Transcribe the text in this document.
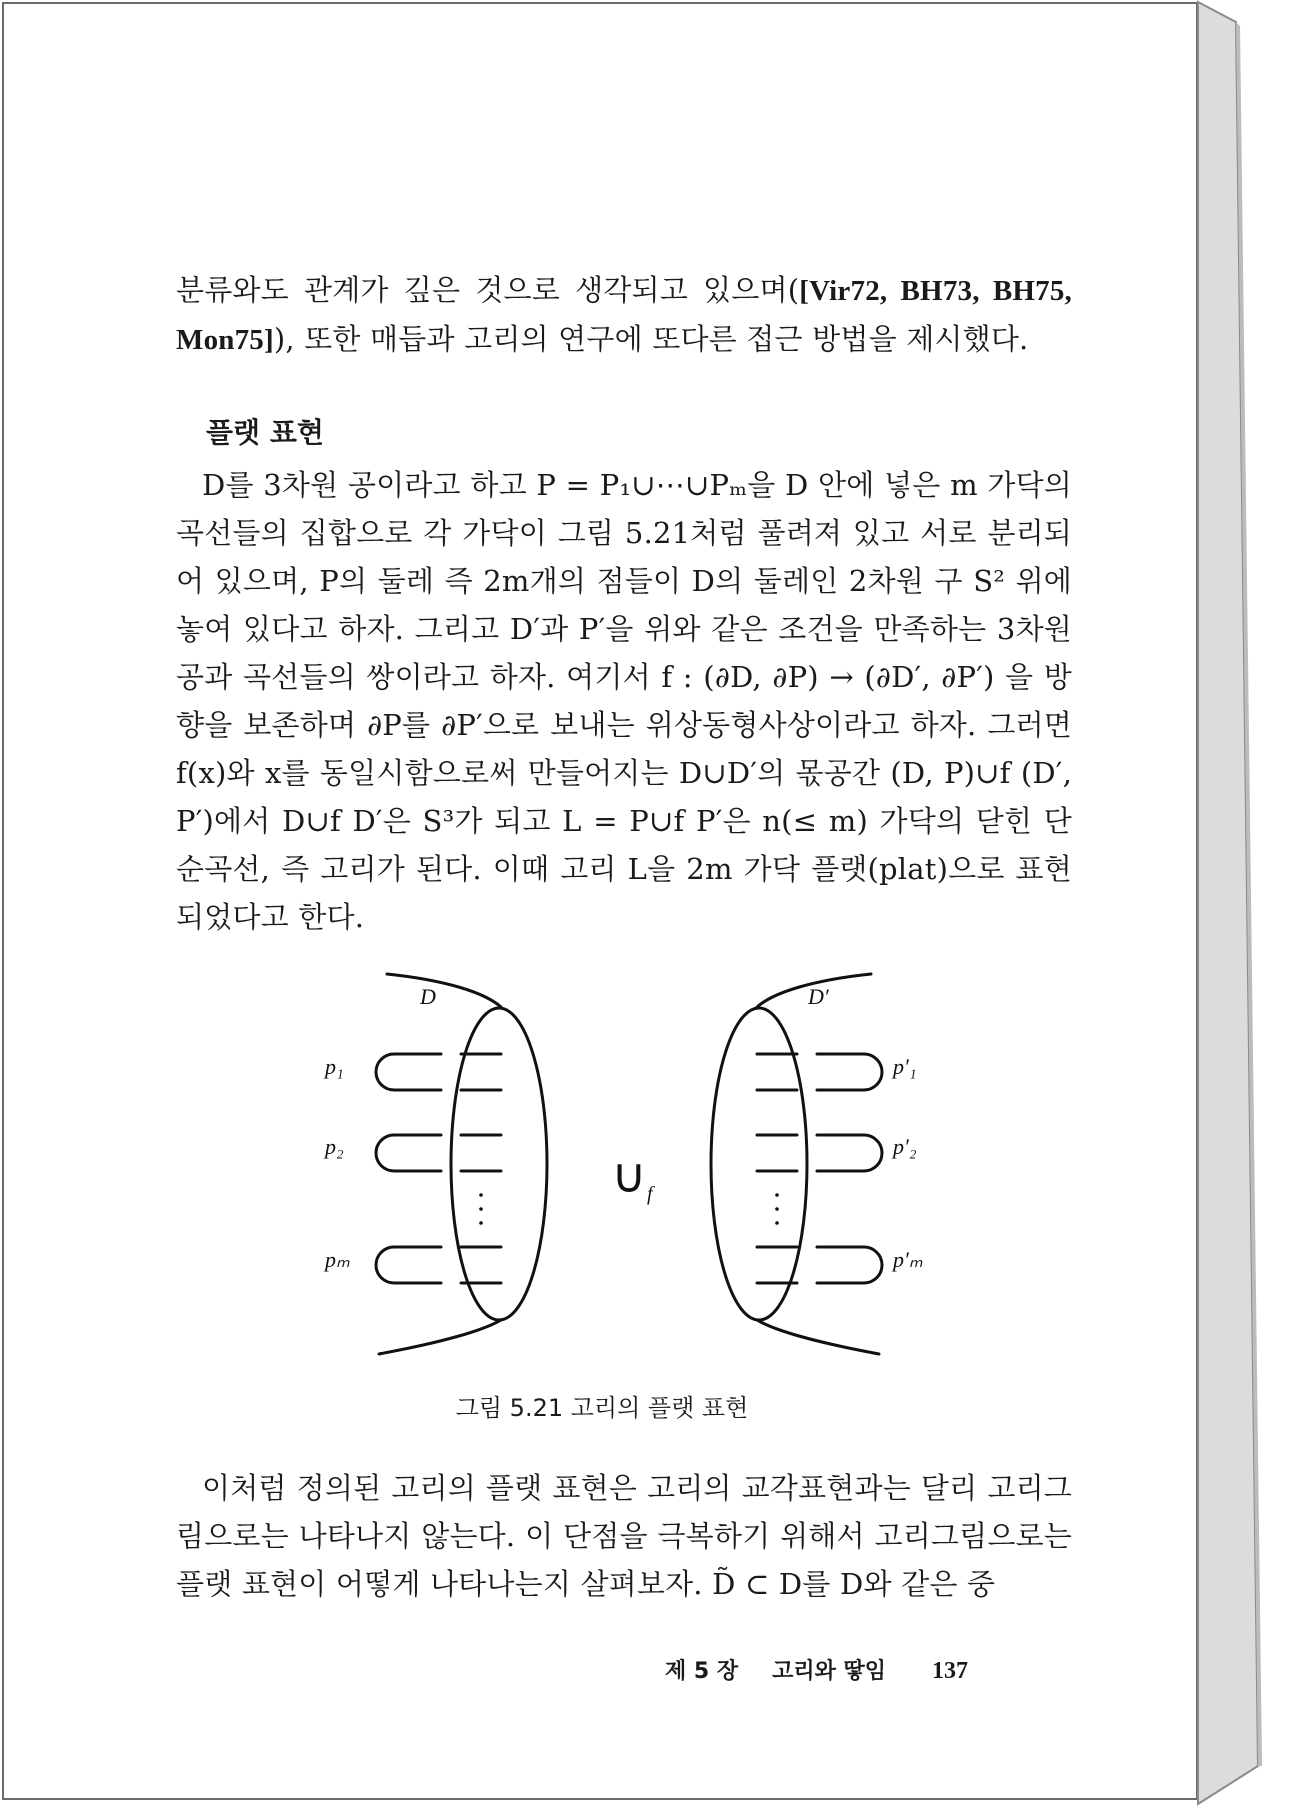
분류와도 관계가 깊은 것으로 생각되고 있으며([Vir72, BH73, BH75, Mon75]), 또한 매듭과 고리의 연구에 또다른 접근 방법을 제시했다.

플랫 표현

D를 3차원 공이라고 하고 P = P₁∪⋯∪Pₘ을 D 안에 넣은 m 가닥의 곡선들의 집합으로 각 가닥이 그림 5.21처럼 풀려져 있고 서로 분리되어 있으며, P의 둘레 즉 2m개의 점들이 D의 둘레인 2차원 구 S² 위에 놓여 있다고 하자. 그리고 D′과 P′을 위와 같은 조건을 만족하는 3차원 공과 곡선들의 쌍이라고 하자. 여기서 f : (∂D, ∂P) → (∂D′, ∂P′) 을 방향을 보존하며 ∂P를 ∂P′으로 보내는 위상동형사상이라고 하자. 그러면 f(x)와 x를 동일시함으로써 만들어지는 D∪D′의 몫공간 (D, P)∪f (D′, P′)에서 D∪f D′은 S³가 되고 L = P∪f P′은 n(≤ m) 가닥의 닫힌 단순곡선, 즉 고리가 된다. 이때 고리 L을 2m 가닥 플랫(plat)으로 표현되었다고 한다.

D	D′
p₁
p₂
pₘ
p′₁
p′₂
p′ₘ
∪ f
그림 5.21 고리의 플랫 표현

이처럼 정의된 고리의 플랫 표현은 고리의 교각표현과는 달리 고리그림으로는 나타나지 않는다. 이 단점을 극복하기 위해서 고리그림으로는 플랫 표현이 어떻게 나타나는지 살펴보자. D̃ ⊂ D를 D와 같은 중

제 5 장 고리와 땋임 137
